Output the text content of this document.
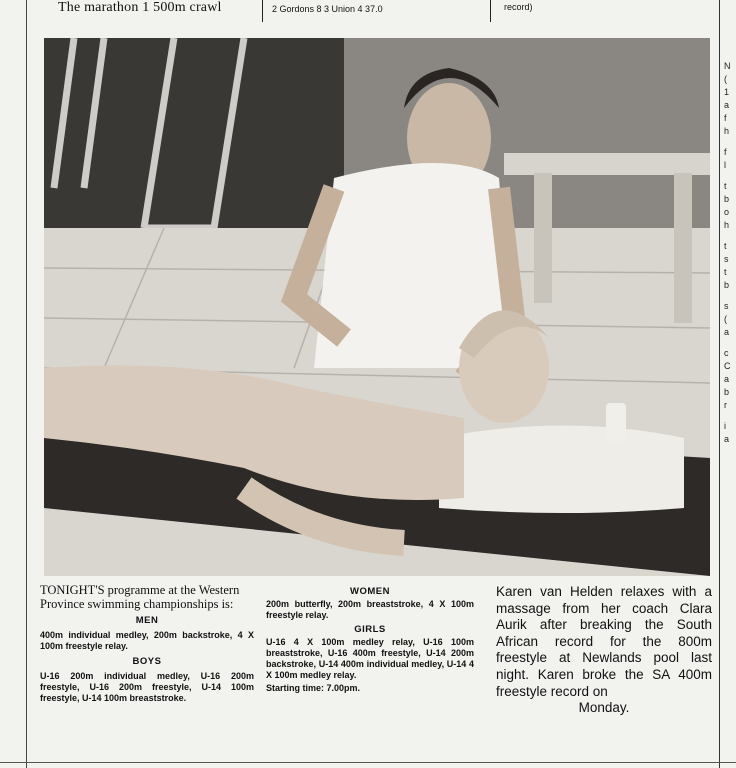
The marathon 1 500m crawl	2 Gordons 8 3 Union 4 37.0	record)
TONIGHT'S programme at the Western Province swimming championships is:
MEN
400m individual medley, 200m backstroke, 4 X 100m freestyle relay.
BOYS
U-16 200m individual medley, U-16 200m freestyle, U-16 200m freestyle, U-14 100m freestyle, U-14 100m breaststroke.
WOMEN
200m butterfly, 200m breaststroke, 4 X 100m freestyle relay.
GIRLS
U-16 4 X 100m medley relay, U-16 100m breaststroke, U-16 400m freestyle, U-14 200m backstroke, U-14 400m individual medley, U-14 4 X 100m medley relay.
Starting time: 7.00pm.
Karen van Helden relaxes with a massage from her coach Clara Aurik after breaking the South African record for the 800m freestyle at Newlands pool last night. Karen broke the SA 400m freestyle record on
Monday.
N
(
1
a
f
h
f
l
t
b
o
h
t
s
t
b
s
(
a
c
C
a
b
r
i
a
